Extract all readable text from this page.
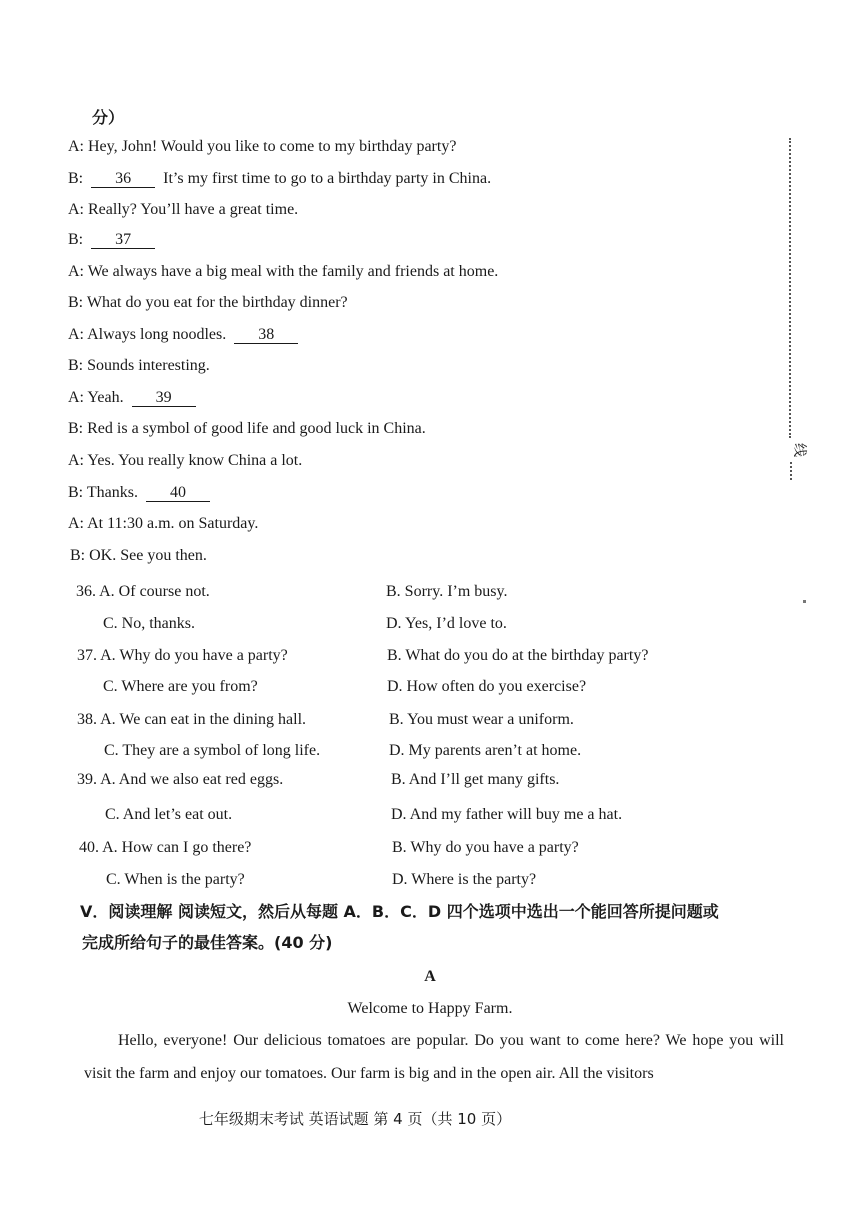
分）
A: Hey, John! Would you like to come to my birthday party?
B: 36 It’s my first time to go to a birthday party in China.
A: Really? You’ll have a great time.
B: 37
A: We always have a big meal with the family and friends at home.
B: What do you eat for the birthday dinner?
A: Always long noodles. 38
B: Sounds interesting.
A: Yeah. 39
B: Red is a symbol of good life and good luck in China.
A: Yes. You really know China a lot.
B: Thanks. 40
A: At 11:30 a.m. on Saturday.
B: OK. See you then.
36. A. Of course not.	B. Sorry. I’m busy.
C. No, thanks.	D. Yes, I’d love to.
37. A. Why do you have a party?	B. What do you do at the birthday party?
C. Where are you from?	D. How often do you exercise?
38. A. We can eat in the dining hall.	B. You must wear a uniform.
C. They are a symbol of long life.	D. My parents aren’t at home.
39. A. And we also eat red eggs.	B. And I’ll get many gifts.
C. And let’s eat out.	D. And my father will buy me a hat.
40. A. How can I go there?	B. Why do you have a party?
C. When is the party?	D. Where is the party?
V．阅读理解 阅读短文，然后从每题 A．B．C．D 四个选项中选出一个能回答所提问题或
完成所给句子的最佳答案。(40 分)
A
Welcome to Happy Farm.
Hello, everyone! Our delicious tomatoes are popular. Do you want to come here? We hope you will visit the farm and enjoy our tomatoes. Our farm is big and in the open air. All the visitors
七年级期末考试 英语试题 第 4 页（共 10 页）
线
